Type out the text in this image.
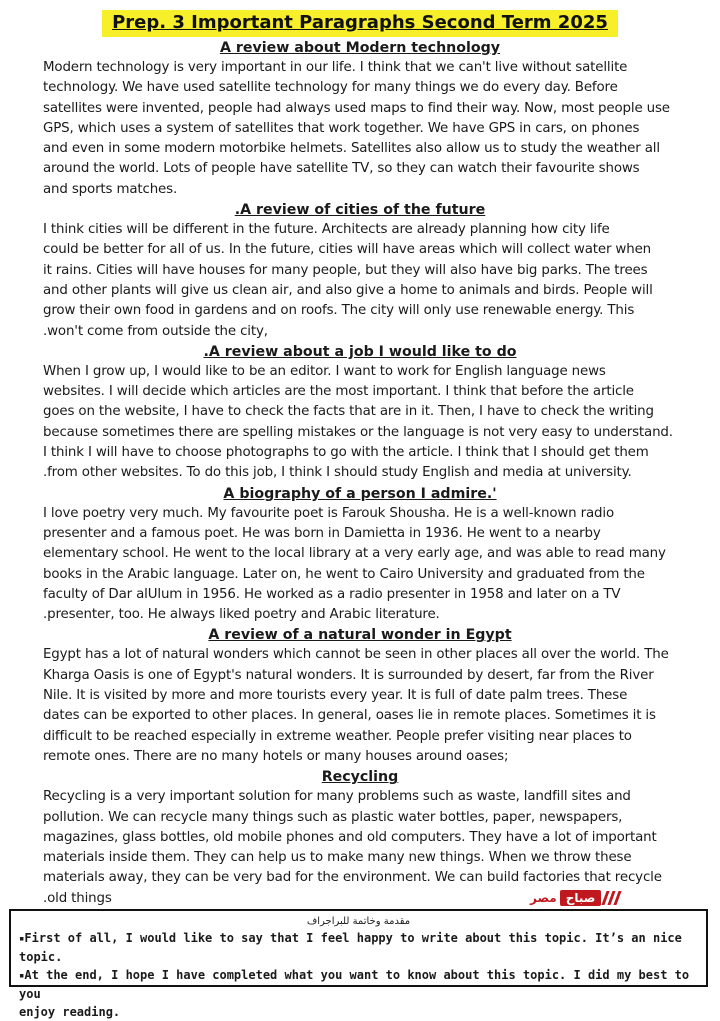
Prep. 3 Important Paragraphs Second Term 2025
A review about Modern technology
Modern technology is very important in our life. I think that we can't live without satellite
technology. We have used satellite technology for many things we do every day. Before
satellites were invented, people had always used maps to find their way. Now, most people use
GPS, which uses a system of satellites that work together. We have GPS in cars, on phones
and even in some modern motorbike helmets. Satellites also allow us to study the weather all
around the world. Lots of people have satellite TV, so they can watch their favourite shows
and sports matches.
.A review of cities of the future
I think cities will be different in the future. Architects are already planning how city life
could be better for all of us. In the future, cities will have areas which will collect water when
it rains. Cities will have houses for many people, but they will also have big parks. The trees
and other plants will give us clean air, and also give a home to animals and birds. People will
grow their own food in gardens and on roofs. The city will only use renewable energy. This
.won't come from outside the city,
.A review about a job I would like to do
When I grow up, I would like to be an editor. I want to work for English language news
websites. I will decide which articles are the most important. I think that before the article
goes on the website, I have to check the facts that are in it. Then, I have to check the writing
because sometimes there are spelling mistakes or the language is not very easy to understand.
I think I will have to choose photographs to go with the article. I think that I should get them
.from other websites. To do this job, I think I should study English and media at university.
A biography of a person I admire.'
I love poetry very much. My favourite poet is Farouk Shousha. He is a well-known radio
presenter and a famous poet. He was born in Damietta in 1936. He went to a nearby
elementary school. He went to the local library at a very early age, and was able to read many
books in the Arabic language. Later on, he went to Cairo University and graduated from the
faculty of Dar alUlum in 1956. He worked as a radio presenter in 1958 and later on a TV
.presenter, too. He always liked poetry and Arabic literature.
A review of a natural wonder in Egypt
Egypt has a lot of natural wonders which cannot be seen in other places all over the world. The
Kharga Oasis is one of Egypt's natural wonders. It is surrounded by desert, far from the River
Nile. It is visited by more and more tourists every year. It is full of date palm trees. These
dates can be exported to other places. In general, oases lie in remote places. Sometimes it is
difficult to be reached especially in extreme weather. People prefer visiting near places to
remote ones. There are no many hotels or many houses around oases;
Recycling
Recycling is a very important solution for many problems such as waste, landfill sites and
pollution. We can recycle many things such as plastic water bottles, paper, newspapers,
magazines, glass bottles, old mobile phones and old computers. They have a lot of important
materials inside them. They can help us to make many new things. When we throw these
materials away, they can be very bad for the environment. We can build factories that recycle
.old things	مصر صباح
مقدمة وخاتمة للبراجراف

▪First of all, I would like to say that I feel happy to write about this topic. It’s an nice topic.

▪At the end, I hope I have completed what you want to know about this topic. I did my best to you

enjoy reading.
